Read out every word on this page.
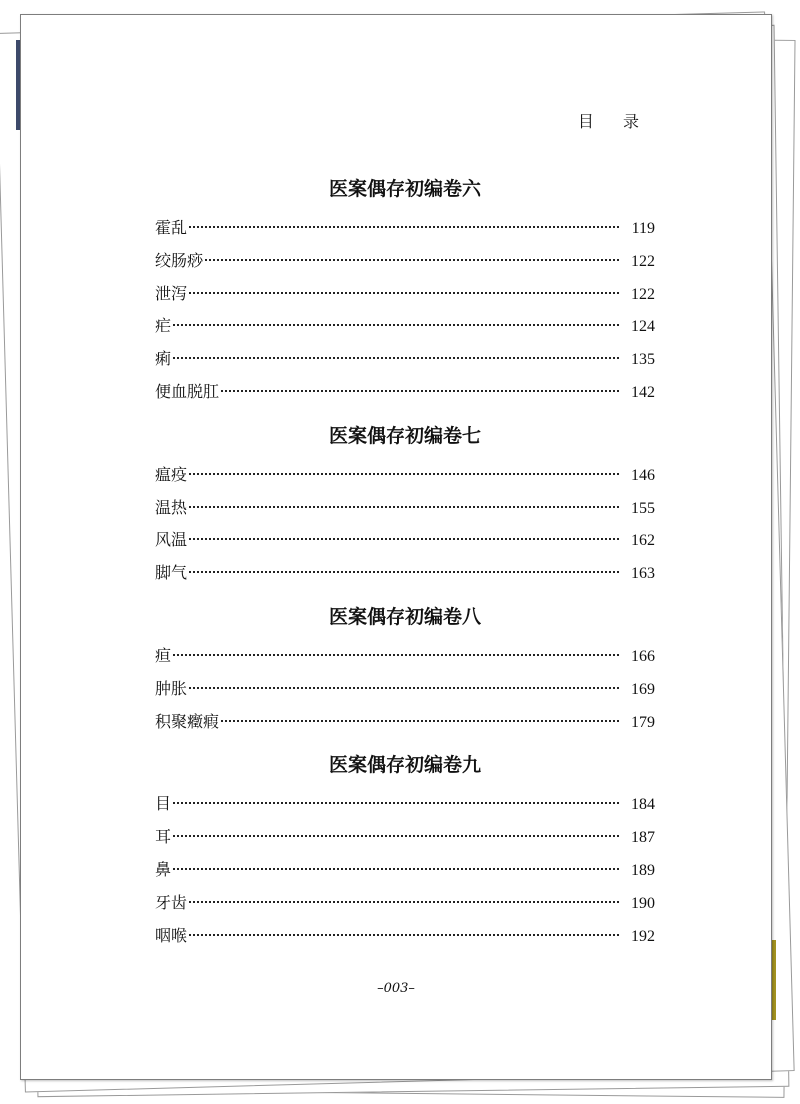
目 录
医案偶存初编卷六
霍乱	119
绞肠痧	122
泄泻	122
疟	124
痢	135
便血脱肛	142
医案偶存初编卷七
瘟疫	146
温热	155
风温	162
脚气	163
医案偶存初编卷八
疸	166
肿胀	169
积聚癥瘕	179
医案偶存初编卷九
目	184
耳	187
鼻	189
牙齿	190
咽喉	192
–003–
